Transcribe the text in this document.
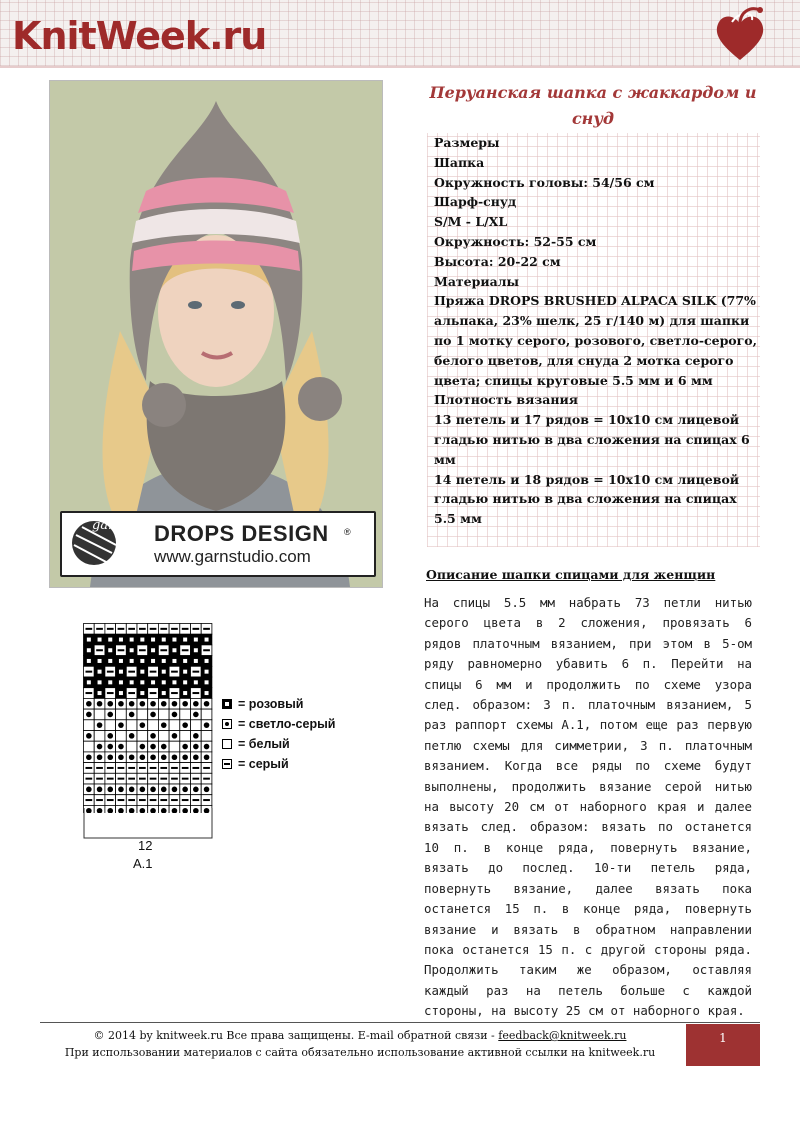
KnitWeek.ru
garn DROPS DESIGN ®
www.garnstudio.com
Перуанская шапка с жаккардом и снуд
Размеры
Шапка
Окружность головы: 54/56 см
Шарф-снуд
S/M - L/XL
Окружность: 52-55 см
Высота: 20-22 см
Материалы
Пряжа DROPS BRUSHED ALPACA SILK (77%
альпака, 23% шелк, 25 г/140 м) для шапки
по 1 мотку серого, розового, светло-серого,
белого цветов, для снуда 2 мотка серого
цвета; спицы круговые 5.5 мм и 6 мм
Плотность вязания
13 петель и 17 рядов = 10х10 см лицевой
гладью нитью в два сложения на спицах 6
мм
14 петель и 18 рядов = 10х10 см лицевой
гладью нитью в два сложения на спицах
5.5 мм
Описание шапки спицами для женщин

На спицы 5.5 мм набрать 73 петли нитью серого цвета в 2 сложения, провязать 6 рядов платочным вязанием, при этом в 5-ом ряду равномерно убавить 6 п. Перейти на спицы 6 мм и продолжить по схеме узора след. образом: 3 п. платочным вязанием, 5 раз раппорт схемы А.1, потом еще раз первую петлю схемы для симметрии, 3 п. платочным вязанием. Когда все ряды по схеме будут выполнены, продолжить вязание серой нитью на высоту 20 см от наборного края и далее вязать след. образом: вязать по останется 10 п. в конце ряда, повернуть вязание, вязать до послед. 10-ти петель ряда, повернуть вязание, далее вязать пока останется 15 п. в конце ряда, повернуть вязание и вязать в обратном направлении пока останется 15 п. с другой стороны ряда. Продолжить таким же образом, оставляя каждый раз на петель больше с каждой стороны, на высоту 25 см от наборного края.

= розовый
= светло-серый
= белый
= серый
12
A.1
© 2014 by knitweek.ru Все права защищены. E-mail обратной связи - feedback@knitweek.ru
При использовании материалов с сайта обязательно использование активной ссылки на knitweek.ru
1
